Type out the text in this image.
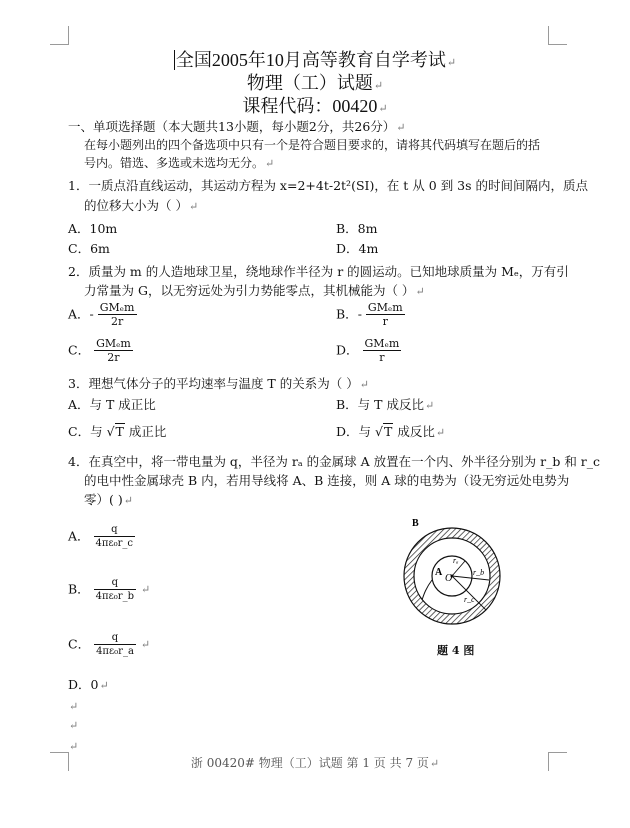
全国2005年10月高等教育自学考试↵
物理（工）试题↵
课程代码：00420↵
一、单项选择题（本大题共13小题，每小题2分，共26分）↵
在每小题列出的四个备选项中只有一个是符合题目要求的，请将其代码填写在题后的括
号内。错选、多选或未选均无分。↵
1．一质点沿直线运动，其运动方程为 x=2+4t-2t²(SI)，在 t 从 0 到 3s 的时间间隔内，质点
的位移大小为（ ）↵
A．10m	B．8m
C．6m	D．4m
2．质量为 m 的人造地球卫星，绕地球作半径为 r 的圆运动。已知地球质量为 Mₑ，万有引
力常量为 G，以无穷远处为引力势能零点，其机械能为（ ）↵
A．- $\frac{\text{GMₑm}}{2r}$	B．- $\frac{\text{GMₑm}}{r}$
C． $\frac{\text{GMₑm}}{2r}$	D． $\frac{\text{GMₑm}}{r}$
3．理想气体分子的平均速率与温度 T 的关系为（ ）↵
A．与 T 成正比	B．与 T 成反比↵
C．与 √T 成正比	D．与 √T 成反比↵
4．在真空中，将一带电量为 q，半径为 rₐ 的金属球 A 放置在一个内、外半径分别为 r_b 和 r_c
的电中性金属球壳 B 内，若用导线将 A、B 连接，则 A 球的电势为（设无穷远处电势为
零）( )↵
A． $\frac{q}{\text{4πε₀r\_c}}$
B． $\frac{q}{\text{4πε₀r\_b}}$ ↵
C． $\frac{q}{\text{4πε₀r\_a}}$ ↵
D．0↵
↵
↵
↵
B
A
O
rₐ
r_b
r_c
题 4 图
浙 00420# 物理（工）试题 第 1 页 共 7 页↵
